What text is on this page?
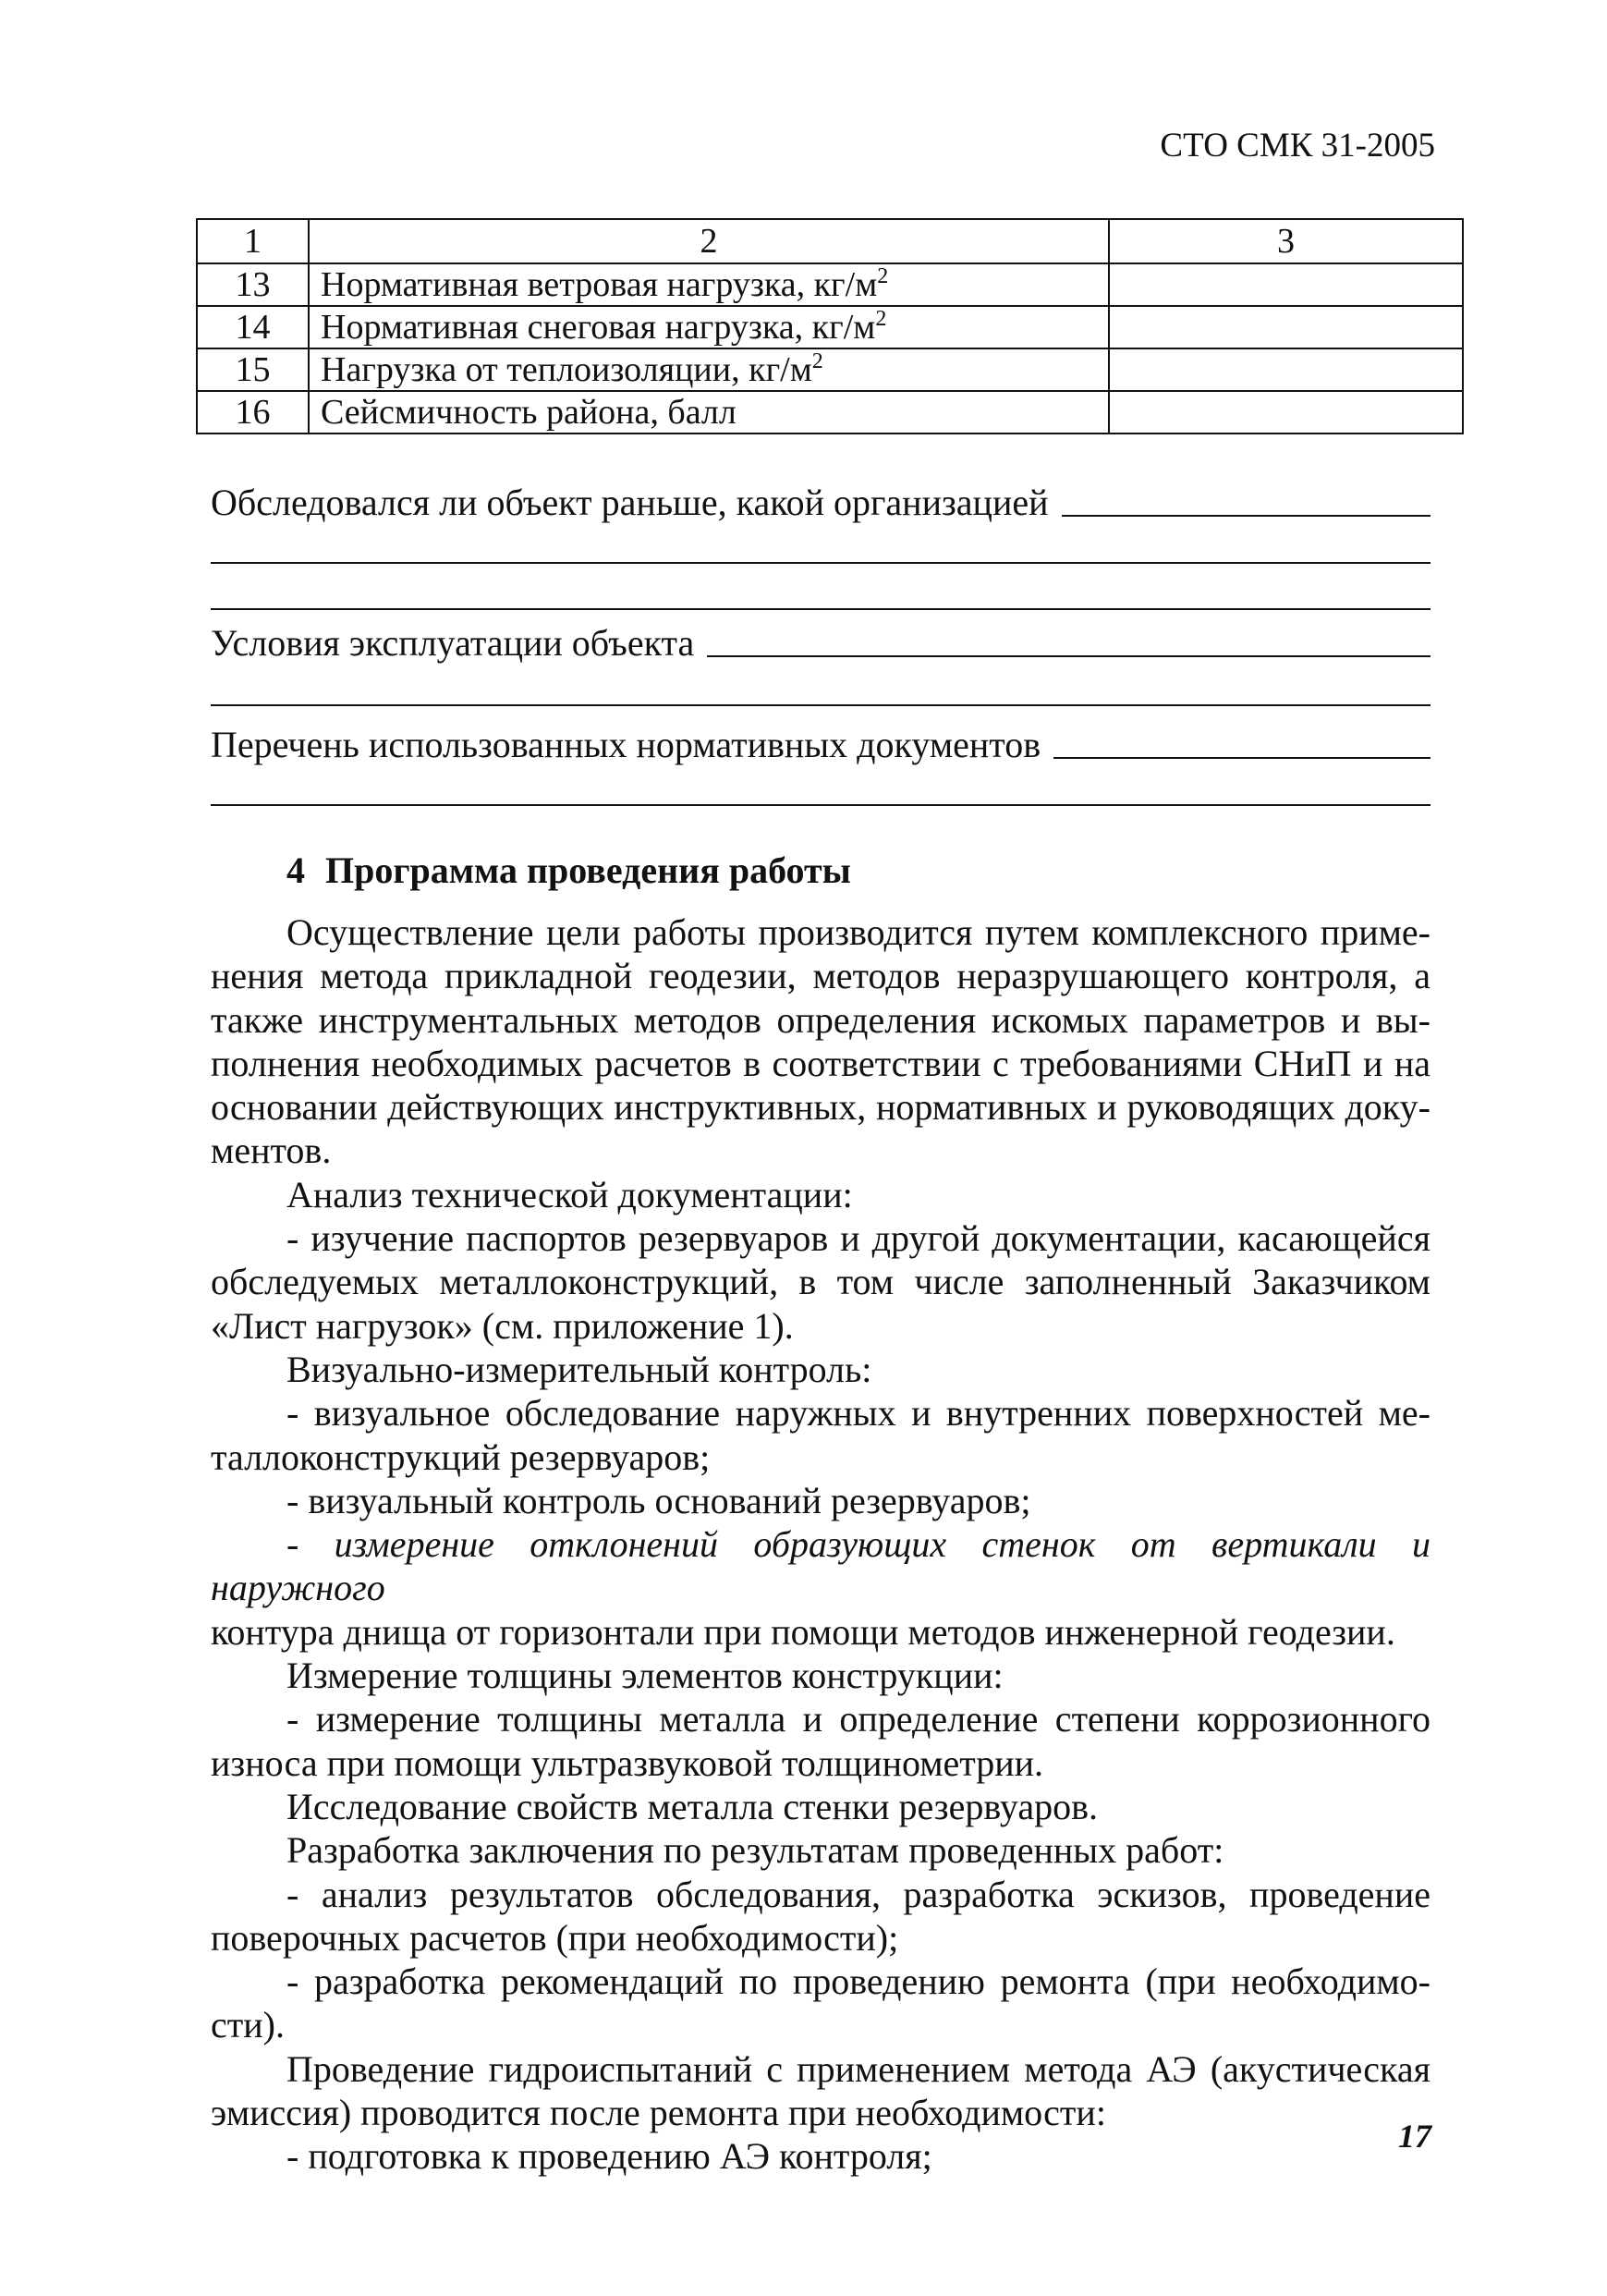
СТО СМК 31-2005
1	2	3
13	Нормативная ветровая нагрузка, $кг/м^2$	
14	Нормативная снеговая нагрузка, $кг/м^2$	
15	Нагрузка от теплоизоляции, $кг/м^2$	
16	Сейсмичность района, балл	
Обследовался ли объект раньше, какой организацией
Условия эксплуатации объекта
Перечень использованных нормативных документов
4 Программа проведения работы

Осуществление цели работы производится путем комплексного приме-

нения метода прикладной геодезии, методов неразрушающего контроля, а

также инструментальных методов определения искомых параметров и вы-

полнения необходимых расчетов в соответствии с требованиями СНиП и на

основании действующих инструктивных, нормативных и руководящих доку-

ментов.

Анализ технической документации:

- изучение паспортов резервуаров и другой документации, касающейся

обследуемых металлоконструкций, в том числе заполненный Заказчиком

«Лист нагрузок» (см. приложение 1).

Визуально-измерительный контроль:

- визуальное обследование наружных и внутренних поверхностей ме-

таллоконструкций резервуаров;

- визуальный контроль оснований резервуаров;

- измерение отклонений образующих стенок от вертикали и наружного

контура днища от горизонтали при помощи методов инженерной геодезии.

Измерение толщины элементов конструкции:

- измерение толщины металла и определение степени коррозионного

износа при помощи ультразвуковой толщинометрии.

Исследование свойств металла стенки резервуаров.

Разработка заключения по результатам проведенных работ:

- анализ результатов обследования, разработка эскизов, проведение

поверочных расчетов (при необходимости);

- разработка рекомендаций по проведению ремонта (при необходимо-

сти).

Проведение гидроиспытаний с применением метода АЭ (акустическая

эмиссия) проводится после ремонта при необходимости:

- подготовка к проведению АЭ контроля;	17
